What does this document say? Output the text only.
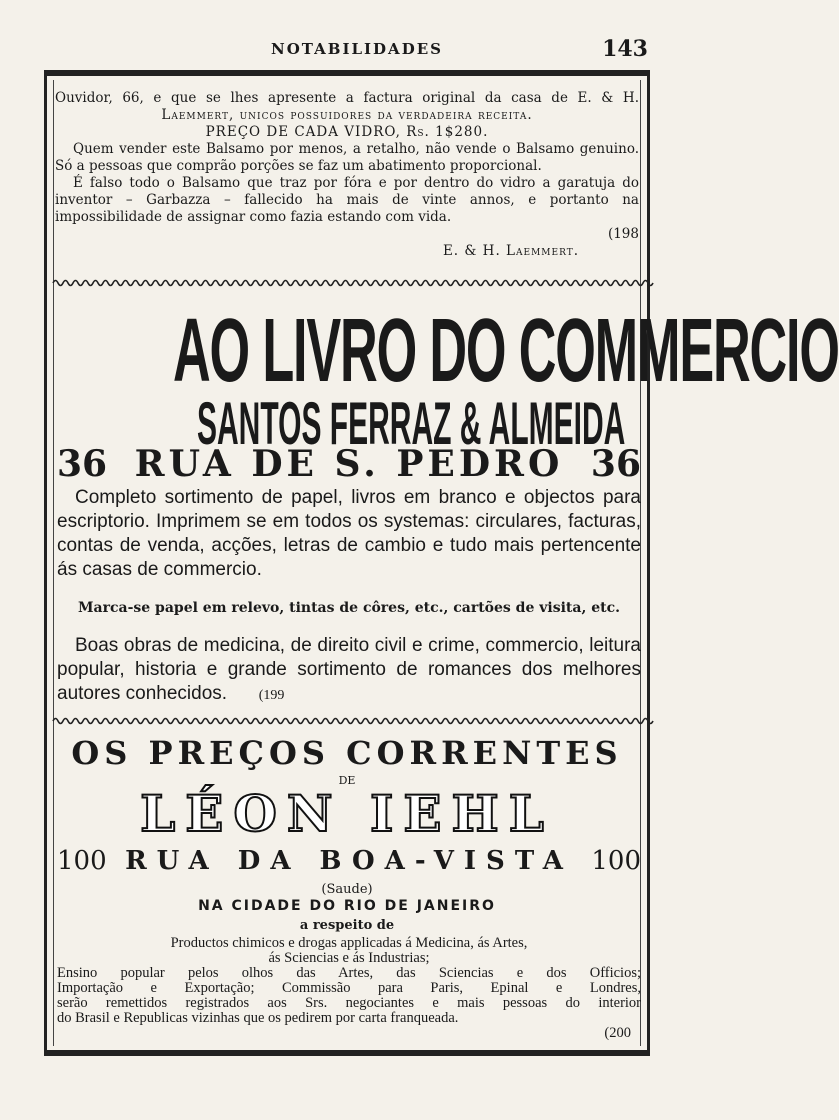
NOTABILIDADES	143

Ouvidor, 66, e que se lhes apresente a factura original da casa de E. & H.

Laemmert, unicos possuidores da verdadeira receita.

PREÇO DE CADA VIDRO, Rs. 1$280.

Quem vender este Balsamo por menos, a retalho, não vende o Balsamo genuino. Só a pessoas que comprão porções se faz um abatimento proporcional.

É falso todo o Balsamo que traz por fóra e por dentro do vidro a garatuja do inventor – Garbazza – fallecido ha mais de vinte annos, e portanto na impossibilidade de assignar como fazia estando com vida.

(198

E. & H. Laemmert.

AO LIVRO DO COMMERCIO
SANTOS FERRAZ & ALMEIDA
36 RUA DE S. PEDRO 36

Completo sortimento de papel, livros em branco e objectos para escriptorio. Imprimem se em todos os systemas: circulares, facturas, contas de venda, acções, letras de cambio e tudo mais pertencente ás casas de commercio.

Marca-se papel em relevo, tintas de côres, etc., cartões de visita, etc.

Boas obras de medicina, de direito civil e crime, commercio, leitura popular, historia e grande sortimento de romances dos melhores autores conhecidos. (199

OS PREÇOS CORRENTES
DE
LÉON IEHL
100 RUA DA BOA-VISTA 100
(Saude)
NA CIDADE DO RIO DE JANEIRO
a respeito de

Productos chimicos e drogas applicadas á Medicina, ás Artes,

ás Sciencias e ás Industrias;

Ensino popular pelos olhos das Artes, das Sciencias e dos Officios;

Importação e Exportação; Commissão para Paris, Epinal e Londres,

serão remettidos registrados aos Srs. negociantes e mais pessoas do interior

do Brasil e Republicas vizinhas que os pedirem por carta franqueada.

(200
